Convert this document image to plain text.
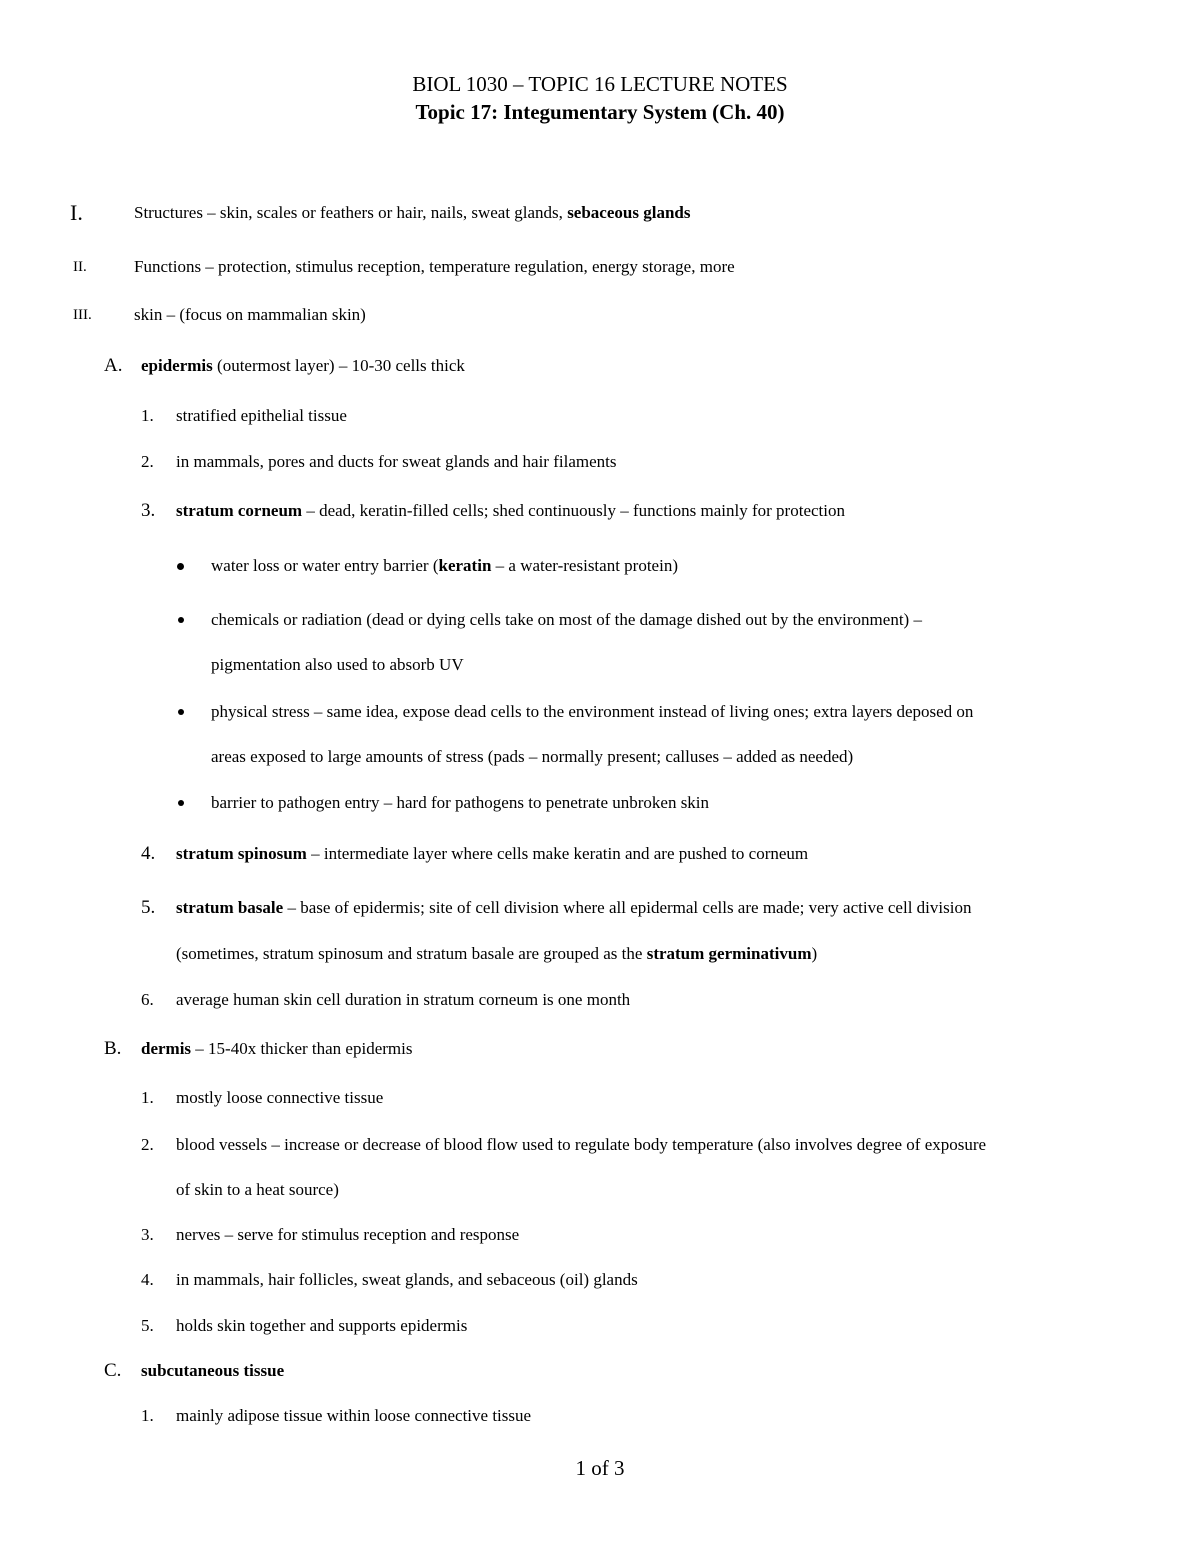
BIOL 1030 – TOPIC 16 LECTURE NOTES
Topic 17: Integumentary System (Ch. 40)
I.	Structures – skin, scales or feathers or hair, nails, sweat glands, sebaceous glands
II.	Functions – protection, stimulus reception, temperature regulation, energy storage, more
III. skin – (focus on mammalian skin)
A. epidermis (outermost layer) – 10-30 cells thick
1. stratified epithelial tissue
2. in mammals, pores and ducts for sweat glands and hair filaments
3. stratum corneum – dead, keratin-filled cells; shed continuously – functions mainly for protection
water loss or water entry barrier (keratin – a water-resistant protein)
chemicals or radiation (dead or dying cells take on most of the damage dished out by the environment) –
pigmentation also used to absorb UV
physical stress – same idea, expose dead cells to the environment instead of living ones; extra layers deposed on
areas exposed to large amounts of stress (pads – normally present; calluses – added as needed)
barrier to pathogen entry – hard for pathogens to penetrate unbroken skin
4. stratum spinosum – intermediate layer where cells make keratin and are pushed to corneum
5. stratum basale – base of epidermis; site of cell division where all epidermal cells are made; very active cell division
(sometimes, stratum spinosum and stratum basale are grouped as the stratum germinativum)
6. average human skin cell duration in stratum corneum is one month
B. dermis – 15-40x thicker than epidermis
1. mostly loose connective tissue
2. blood vessels – increase or decrease of blood flow used to regulate body temperature (also involves degree of exposure
of skin to a heat source)
3. nerves – serve for stimulus reception and response
4. in mammals, hair follicles, sweat glands, and sebaceous (oil) glands
5. holds skin together and supports epidermis
C. subcutaneous tissue
1. mainly adipose tissue within loose connective tissue
1 of 3
